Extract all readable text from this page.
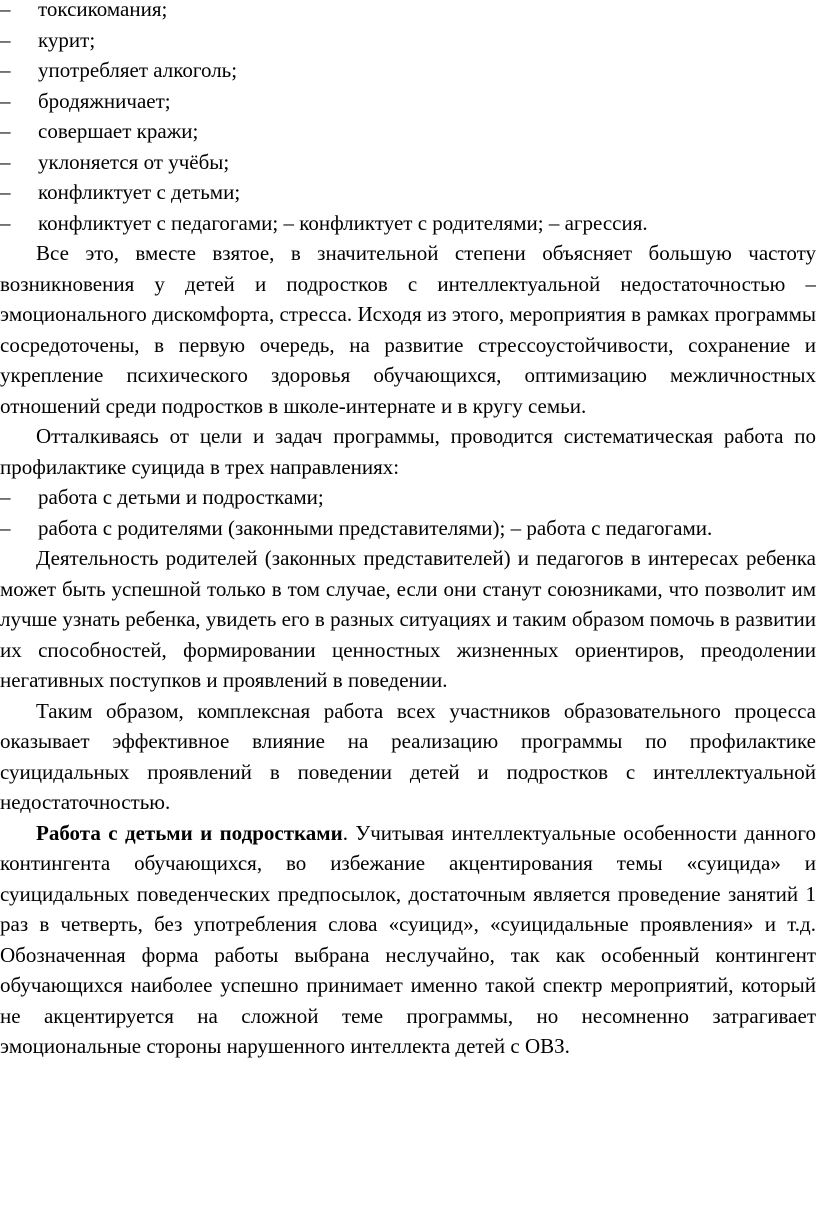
– токсикомания;

– курит;

– употребляет алкоголь;

– бродяжничает;

– совершает кражи;

– уклоняется от учёбы;

– конфликтует с детьми;

– конфликтует с педагогами; – конфликтует с родителями; – агрессия.

Все это, вместе взятое, в значительной степени объясняет большую частоту возникновения у детей и подростков с интеллектуальной недостаточностью – эмоционального дискомфорта, стресса. Исходя из этого, мероприятия в рамках программы сосредоточены, в первую очередь, на развитие стрессоустойчивости, сохранение и укрепление психического здоровья обучающихся, оптимизацию межличностных отношений среди подростков в школе-интернате и в кругу семьи.

Отталкиваясь от цели и задач программы, проводится систематическая работа по профилактике суицида в трех направлениях:

– работа с детьми и подростками;

– работа с родителями (законными представителями); – работа с педагогами.

Деятельность родителей (законных представителей) и педагогов в интересах ребенка может быть успешной только в том случае, если они станут союзниками, что позволит им лучше узнать ребенка, увидеть его в разных ситуациях и таким образом помочь в развитии их способностей, формировании ценностных жизненных ориентиров, преодолении негативных поступков и проявлений в поведении.

Таким образом, комплексная работа всех участников образовательного процесса оказывает эффективное влияние на реализацию программы по профилактике суицидальных проявлений в поведении детей и подростков с интеллектуальной недостаточностью.

Работа с детьми и подростками. Учитывая интеллектуальные особенности данного контингента обучающихся, во избежание акцентирования темы «суицида» и суицидальных поведенческих предпосылок, достаточным является проведение занятий 1 раз в четверть, без употребления слова «суицид», «суицидальные проявления» и т.д. Обозначенная форма работы выбрана неслучайно, так как особенный контингент обучающихся наиболее успешно принимает именно такой спектр мероприятий, который не акцентируется на сложной теме программы, но несомненно затрагивает эмоциональные стороны нарушенного интеллекта детей с ОВЗ.
